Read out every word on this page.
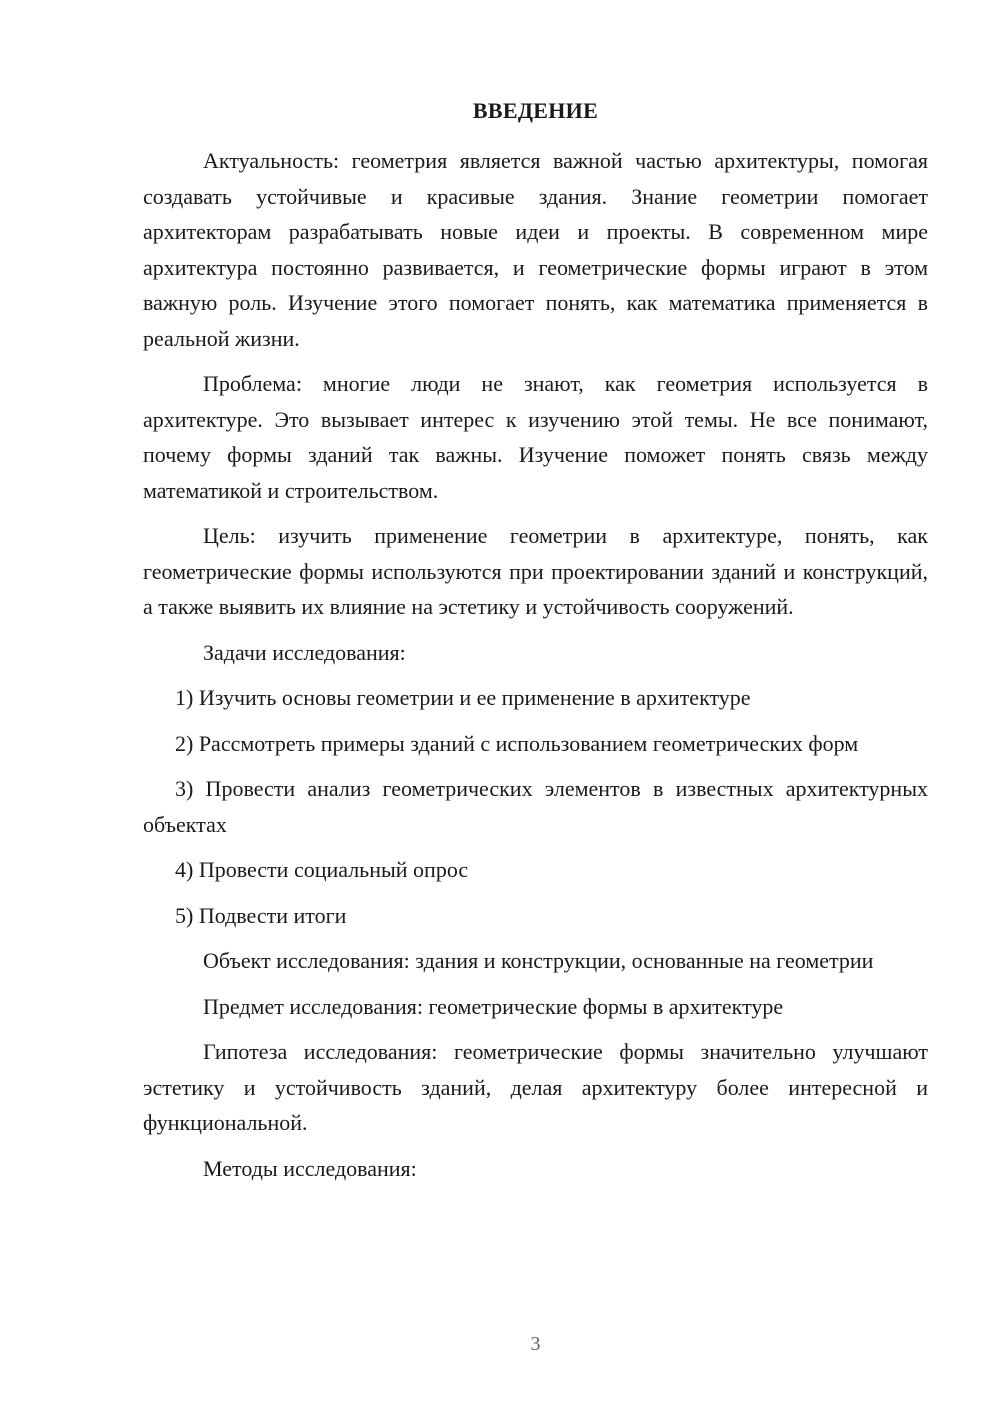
ВВЕДЕНИЕ

Актуальность: геометрия является важной частью архитектуры, помогая создавать устойчивые и красивые здания. Знание геометрии помогает архитекторам разрабатывать новые идеи и проекты. В современном мире архитектура постоянно развивается, и геометрические формы играют в этом важную роль. Изучение этого помогает понять, как математика применяется в реальной жизни.

Проблема: многие люди не знают, как геометрия используется в архитектуре. Это вызывает интерес к изучению этой темы. Не все понимают, почему формы зданий так важны. Изучение поможет понять связь между математикой и строительством.

Цель: изучить применение геометрии в архитектуре, понять, как геометрические формы используются при проектировании зданий и конструкций, а также выявить их влияние на эстетику и устойчивость сооружений.

Задачи исследования:

1) Изучить основы геометрии и ее применение в архитектуре

2) Рассмотреть примеры зданий с использованием геометрических форм

3) Провести анализ геометрических элементов в известных архитектурных объектах

4) Провести социальный опрос

5) Подвести итоги

Объект исследования: здания и конструкции, основанные на геометрии

Предмет исследования: геометрические формы в архитектуре

Гипотеза исследования: геометрические формы значительно улучшают эстетику и устойчивость зданий, делая архитектуру более интересной и функциональной.

Методы исследования:

3
